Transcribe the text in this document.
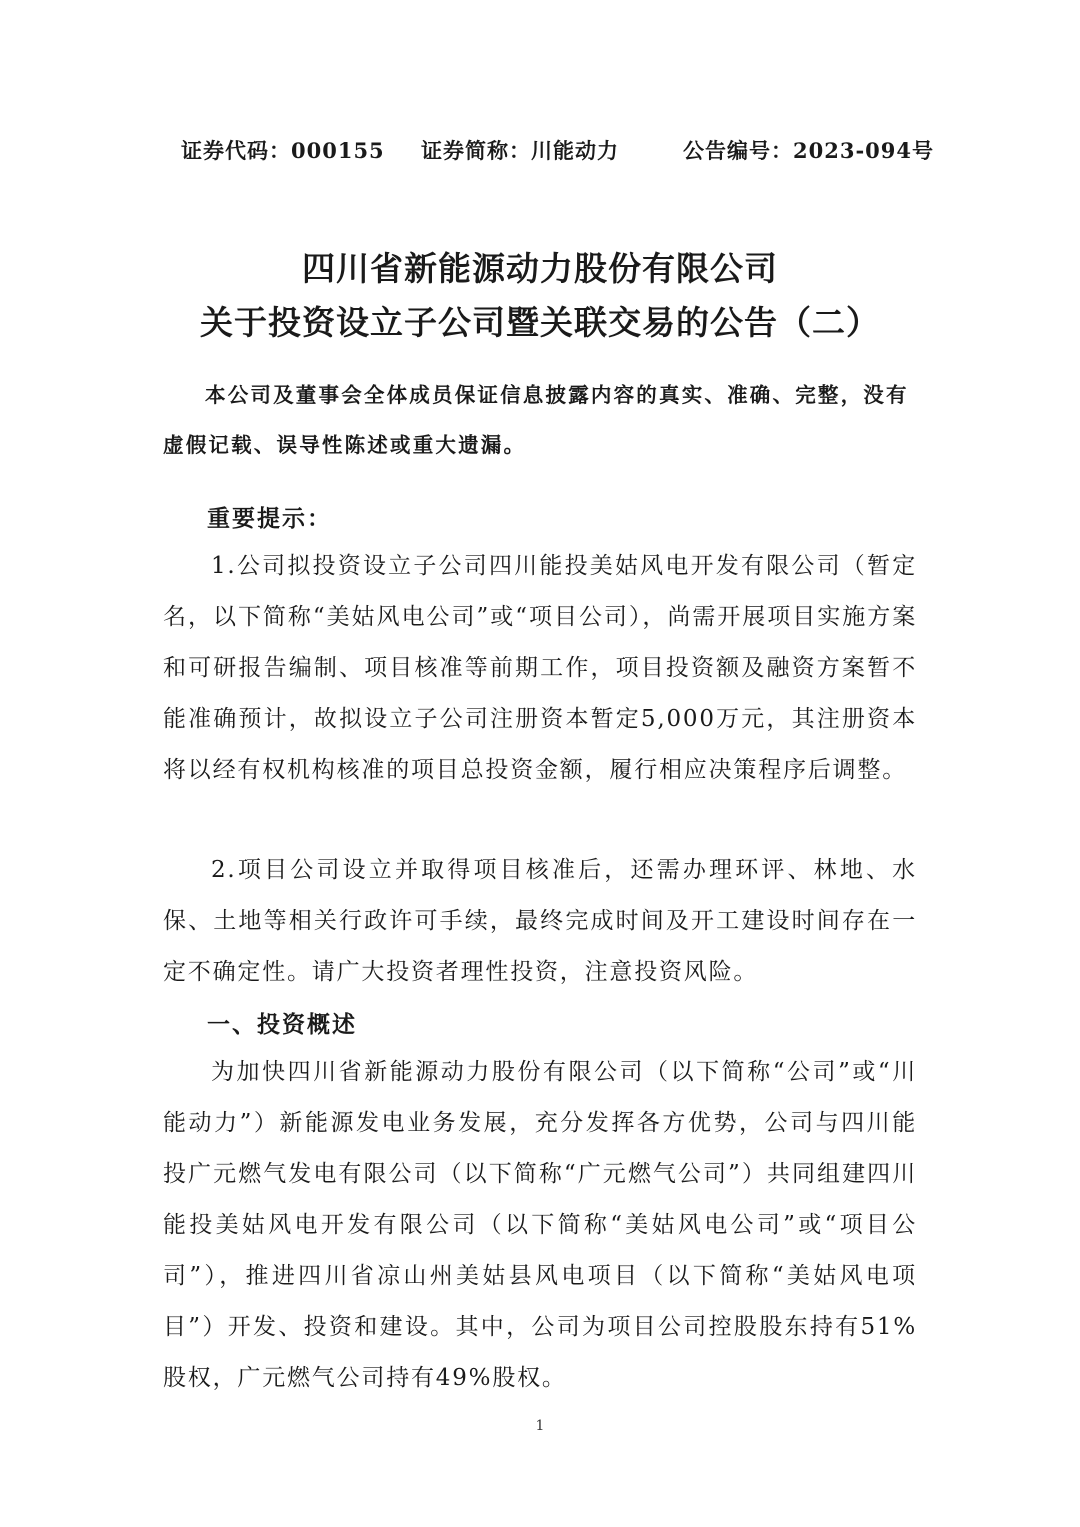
证券代码：000155 证券简称：川能动力	公告编号：2023-094号
四川省新能源动力股份有限公司
关于投资设立子公司暨关联交易的公告（二）
本公司及董事会全体成员保证信息披露内容的真实、准确、完整，没有虚假记载、误导性陈述或重大遗漏。
重要提示：
1.公司拟投资设立子公司四川能投美姑风电开发有限公司（暂定名，以下简称“美姑风电公司”或“项目公司），尚需开展项目实施方案和可研报告编制、项目核准等前期工作，项目投资额及融资方案暂不能准确预计，故拟设立子公司注册资本暂定5,000万元，其注册资本将以经有权机构核准的项目总投资金额，履行相应决策程序后调整。
2.项目公司设立并取得项目核准后，还需办理环评、林地、水保、土地等相关行政许可手续，最终完成时间及开工建设时间存在一定不确定性。请广大投资者理性投资，注意投资风险。
一、投资概述
为加快四川省新能源动力股份有限公司（以下简称“公司”或“川能动力”）新能源发电业务发展，充分发挥各方优势，公司与四川能投广元燃气发电有限公司（以下简称“广元燃气公司”）共同组建四川能投美姑风电开发有限公司（以下简称“美姑风电公司”或“项目公司”），推进四川省凉山州美姑县风电项目（以下简称“美姑风电项目”）开发、投资和建设。其中，公司为项目公司控股股东持有51%股权，广元燃气公司持有49%股权。
1
